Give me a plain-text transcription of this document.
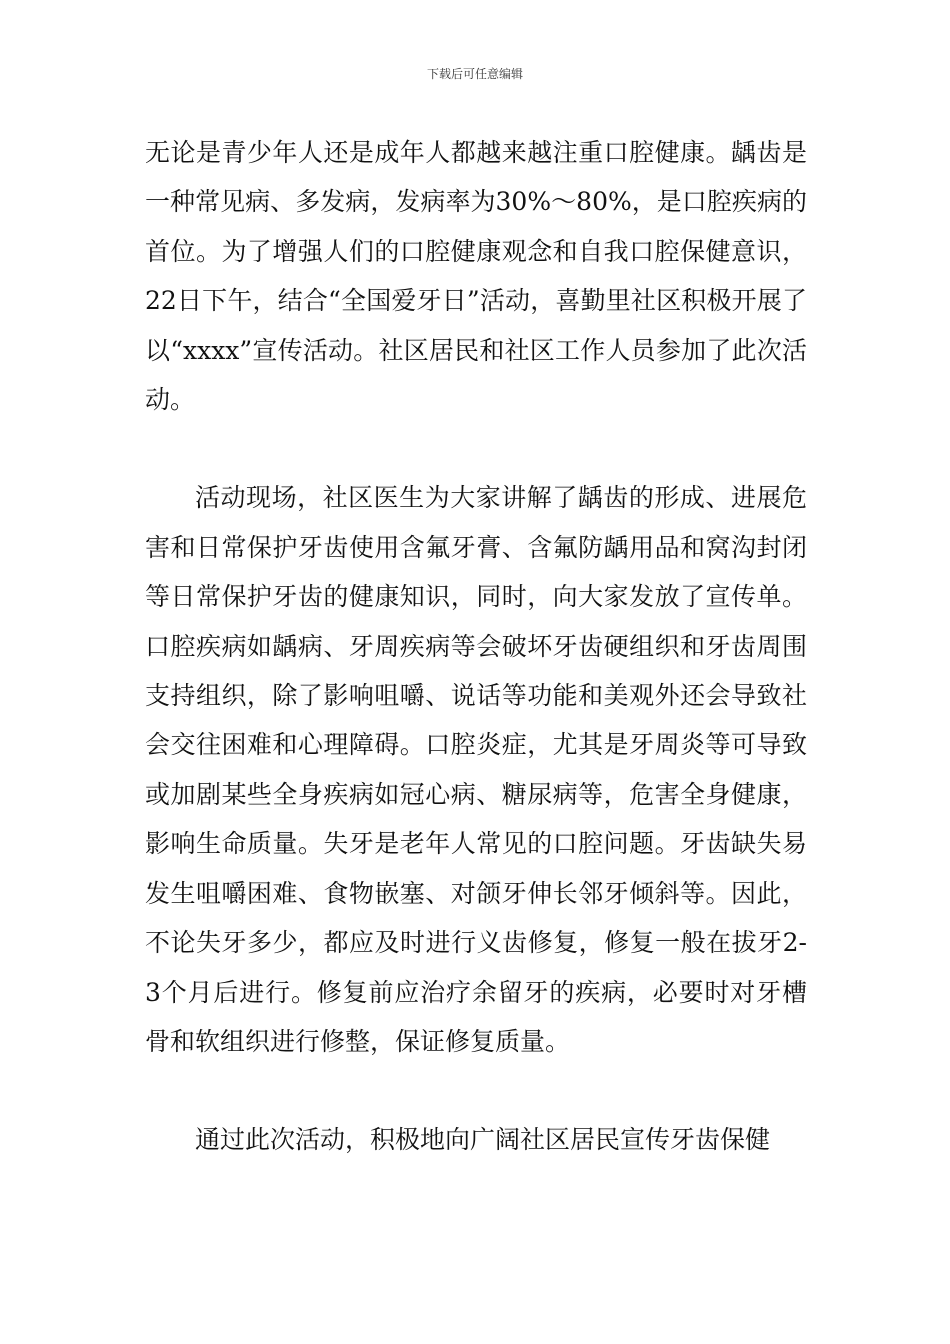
下载后可任意编辑

无论是青少年人还是成年人都越来越注重口腔健康。龋齿是一种常见病、多发病，发病率为30%～80%，是口腔疾病的首位。为了增强人们的口腔健康观念和自我口腔保健意识，22日下午，结合“全国爱牙日”活动，喜勤里社区积极开展了以“xxxx”宣传活动。社区居民和社区工作人员参加了此次活动。

活动现场，社区医生为大家讲解了龋齿的形成、进展危害和日常保护牙齿使用含氟牙膏、含氟防龋用品和窝沟封闭等日常保护牙齿的健康知识，同时，向大家发放了宣传单。口腔疾病如龋病、牙周疾病等会破坏牙齿硬组织和牙齿周围支持组织，除了影响咀嚼、说话等功能和美观外还会导致社会交往困难和心理障碍。口腔炎症，尤其是牙周炎等可导致或加剧某些全身疾病如冠心病、糖尿病等，危害全身健康，影响生命质量。失牙是老年人常见的口腔问题。牙齿缺失易发生咀嚼困难、食物嵌塞、对颌牙伸长邻牙倾斜等。因此，不论失牙多少，都应及时进行义齿修复，修复一般在拔牙2-3个月后进行。修复前应治疗余留牙的疾病，必要时对牙槽骨和软组织进行修整，保证修复质量。

通过此次活动，积极地向广阔社区居民宣传牙齿保健
